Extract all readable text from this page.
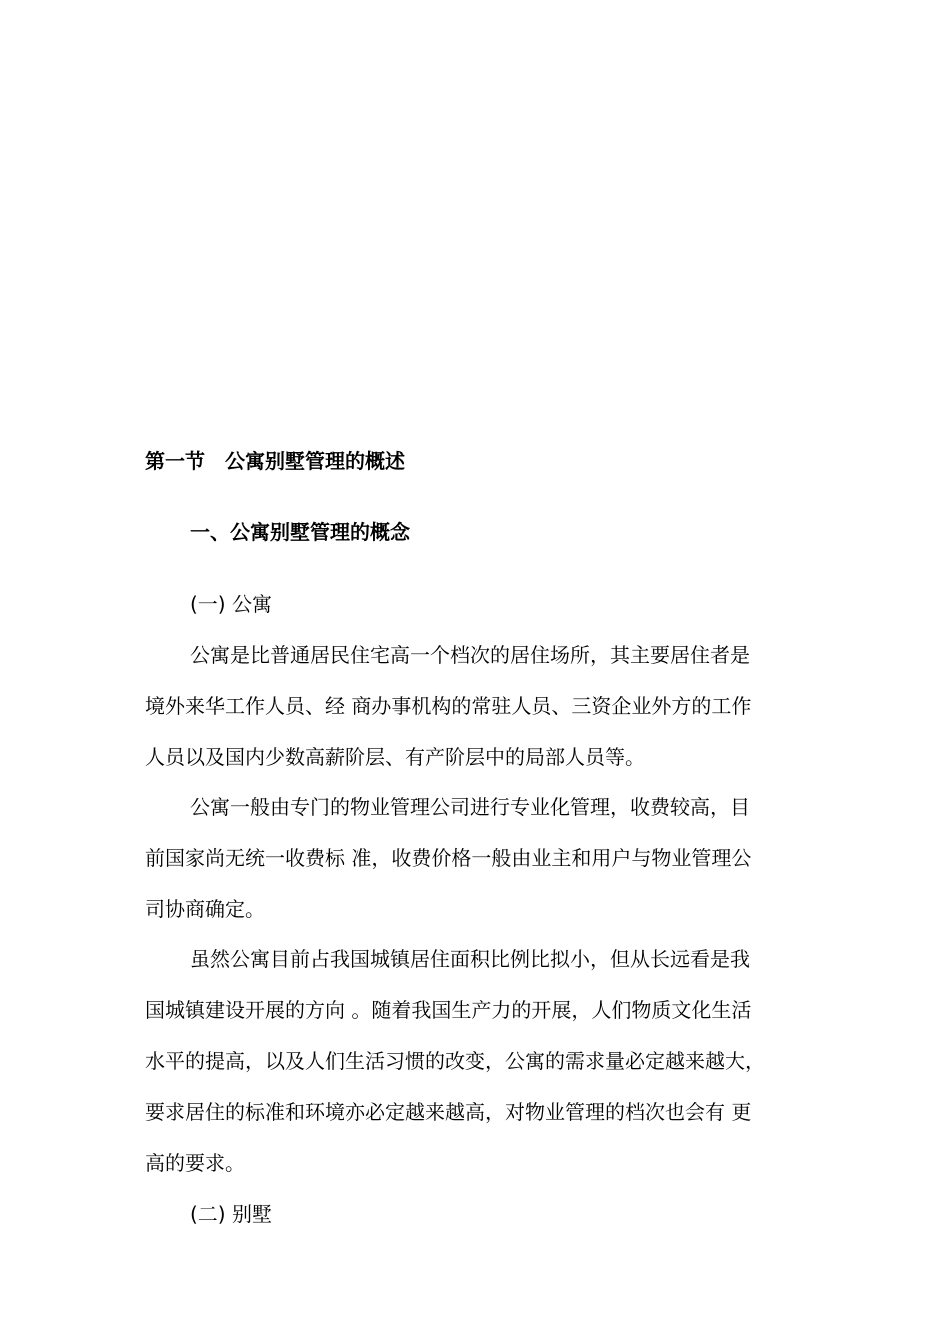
第一节 公寓别墅管理的概述
一、公寓别墅管理的概念
(一) 公寓
公寓是比普通居民住宅高一个档次的居住场所，其主要居住者是
境外来华工作人员、经 商办事机构的常驻人员、三资企业外方的工作
人员以及国内少数高薪阶层、有产阶层中的局部人员等。
公寓一般由专门的物业管理公司进行专业化管理，收费较高，目
前国家尚无统一收费标 准，收费价格一般由业主和用户与物业管理公
司协商确定。
虽然公寓目前占我国城镇居住面积比例比拟小，但从长远看是我
国城镇建设开展的方向 。随着我国生产力的开展，人们物质文化生活
水平的提高，以及人们生活习惯的改变，公寓的需求量必定越来越大，
要求居住的标准和环境亦必定越来越高，对物业管理的档次也会有 更
高的要求。
(二) 别墅
